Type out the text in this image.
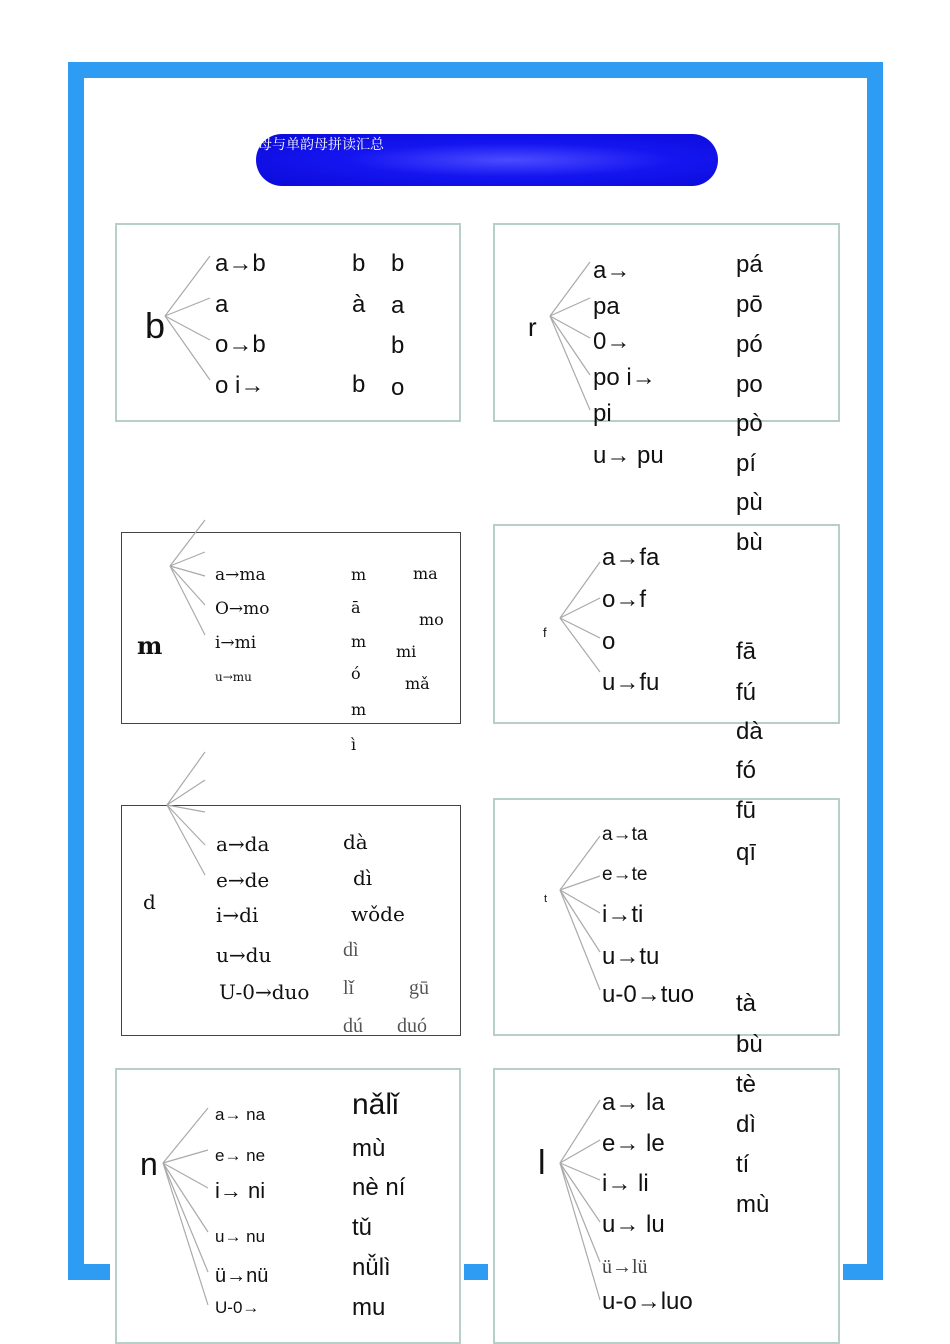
母与单韵母拼读汇总
b
a→b
a
o→b
o i→
b
à
b
b
a
b
o
r
a→
pa
0→
po i→
pi
u→ pu
pá
pō
pó
po
pò
pí
pù
bù
m
a→ma
O→mo
i→mi
u→mu
m
ā
m
ó
m
ì
ma
mo
mi
mǎ
f
a→fa
o→f
o
u→fu
fā
fú
dà
fó
fū
qī
d
a→da
e→de
i→di
u→du
U-0→duo
dà
dì
wǒde
dì
lǐ
dú
gū
duó
t
a→ta
e→te
i→ti
u→tu
u-0→tuo tà
bù
tè
dì
tí
mù
n
a→ na
e→ ne
i→ ni
u→ nu
ü→nü
U-0→
nǎlǐ
mù
nè ní
tǔ
nǚlì
mu
l
a→ la
e→ le
i→ li
u→ lu
ü→lü
u-o→luo
